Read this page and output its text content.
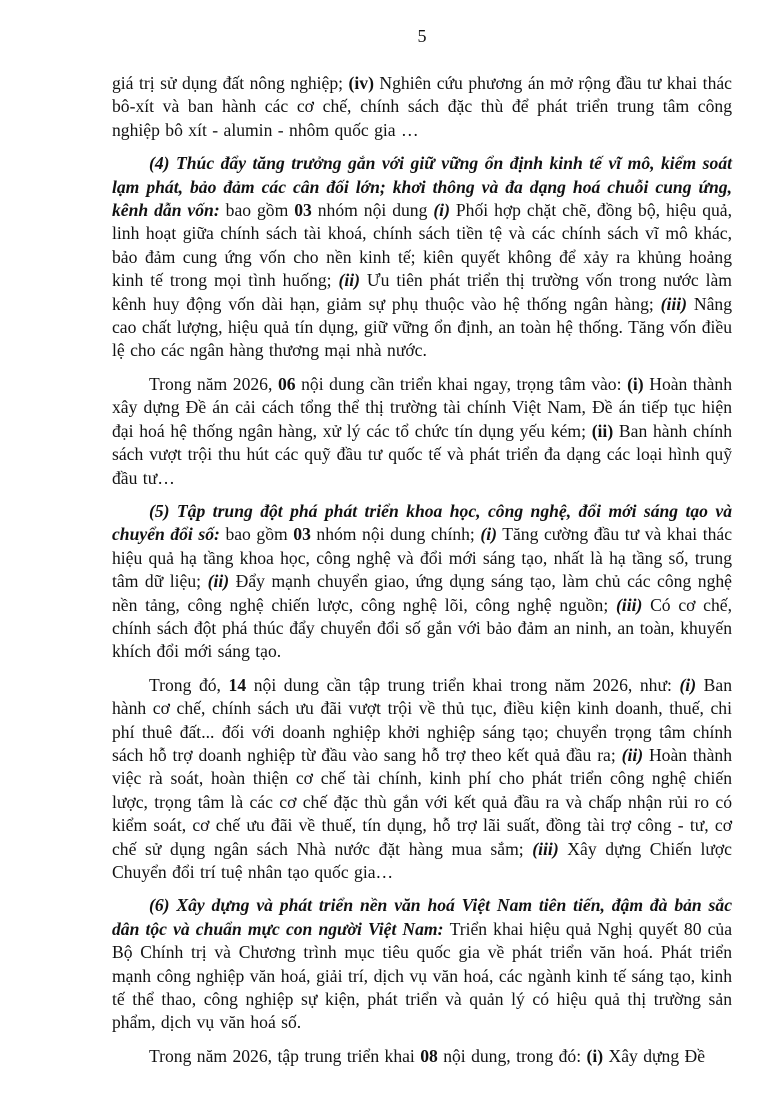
5

giá trị sử dụng đất nông nghiệp; (iv) Nghiên cứu phương án mở rộng đầu tư khai thác bô-xít và ban hành các cơ chế, chính sách đặc thù để phát triển trung tâm công nghiệp bô xít - alumin - nhôm quốc gia …

(4) Thúc đẩy tăng trưởng gắn với giữ vững ổn định kinh tế vĩ mô, kiểm soát lạm phát, bảo đảm các cân đối lớn; khơi thông và đa dạng hoá chuỗi cung ứng, kênh dẫn vốn: bao gồm 03 nhóm nội dung (i) Phối hợp chặt chẽ, đồng bộ, hiệu quả, linh hoạt giữa chính sách tài khoá, chính sách tiền tệ và các chính sách vĩ mô khác, bảo đảm cung ứng vốn cho nền kinh tế; kiên quyết không để xảy ra khủng hoảng kinh tế trong mọi tình huống; (ii) Ưu tiên phát triển thị trường vốn trong nước làm kênh huy động vốn dài hạn, giảm sự phụ thuộc vào hệ thống ngân hàng; (iii) Nâng cao chất lượng, hiệu quả tín dụng, giữ vững ổn định, an toàn hệ thống. Tăng vốn điều lệ cho các ngân hàng thương mại nhà nước.

Trong năm 2026, 06 nội dung cần triển khai ngay, trọng tâm vào: (i) Hoàn thành xây dựng Đề án cải cách tổng thể thị trường tài chính Việt Nam, Đề án tiếp tục hiện đại hoá hệ thống ngân hàng, xử lý các tổ chức tín dụng yếu kém; (ii) Ban hành chính sách vượt trội thu hút các quỹ đầu tư quốc tế và phát triển đa dạng các loại hình quỹ đầu tư…

(5) Tập trung đột phá phát triển khoa học, công nghệ, đổi mới sáng tạo và chuyển đổi số: bao gồm 03 nhóm nội dung chính; (i) Tăng cường đầu tư và khai thác hiệu quả hạ tầng khoa học, công nghệ và đổi mới sáng tạo, nhất là hạ tầng số, trung tâm dữ liệu; (ii) Đẩy mạnh chuyển giao, ứng dụng sáng tạo, làm chủ các công nghệ nền tảng, công nghệ chiến lược, công nghệ lõi, công nghệ nguồn; (iii) Có cơ chế, chính sách đột phá thúc đẩy chuyển đổi số gắn với bảo đảm an ninh, an toàn, khuyến khích đổi mới sáng tạo.

Trong đó, 14 nội dung cần tập trung triển khai trong năm 2026, như: (i) Ban hành cơ chế, chính sách ưu đãi vượt trội về thủ tục, điều kiện kinh doanh, thuế, chi phí thuê đất... đối với doanh nghiệp khởi nghiệp sáng tạo; chuyển trọng tâm chính sách hỗ trợ doanh nghiệp từ đầu vào sang hỗ trợ theo kết quả đầu ra; (ii) Hoàn thành việc rà soát, hoàn thiện cơ chế tài chính, kinh phí cho phát triển công nghệ chiến lược, trọng tâm là các cơ chế đặc thù gắn với kết quả đầu ra và chấp nhận rủi ro có kiểm soát, cơ chế ưu đãi về thuế, tín dụng, hỗ trợ lãi suất, đồng tài trợ công - tư, cơ chế sử dụng ngân sách Nhà nước đặt hàng mua sắm; (iii) Xây dựng Chiến lược Chuyển đổi trí tuệ nhân tạo quốc gia…

(6) Xây dựng và phát triển nền văn hoá Việt Nam tiên tiến, đậm đà bản sắc dân tộc và chuẩn mực con người Việt Nam: Triển khai hiệu quả Nghị quyết 80 của Bộ Chính trị và Chương trình mục tiêu quốc gia về phát triển văn hoá. Phát triển mạnh công nghiệp văn hoá, giải trí, dịch vụ văn hoá, các ngành kinh tế sáng tạo, kinh tế thể thao, công nghiệp sự kiện, phát triển và quản lý có hiệu quả thị trường sản phẩm, dịch vụ văn hoá số.

Trong năm 2026, tập trung triển khai 08 nội dung, trong đó: (i) Xây dựng Đề
